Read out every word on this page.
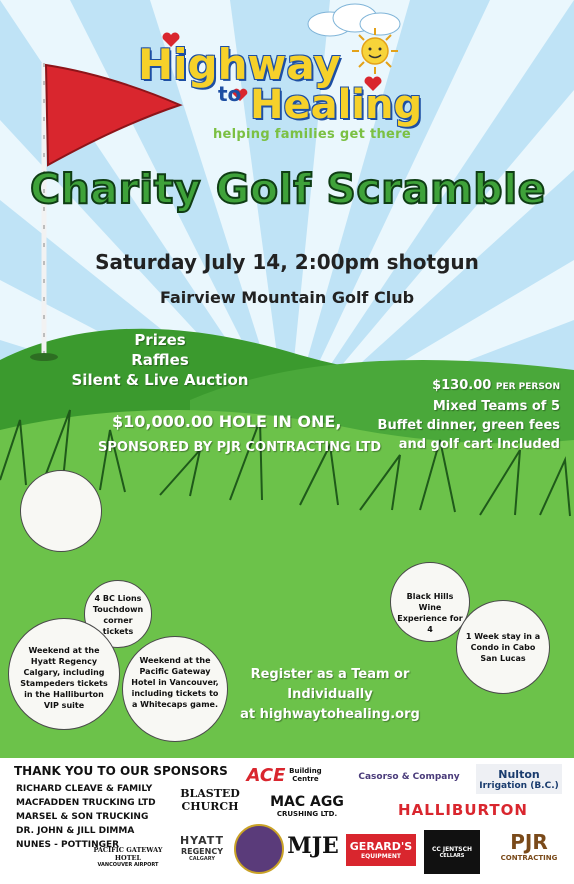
Highway
to Healing
helping families get there
Charity Golf Scramble
Saturday July 14, 2:00pm shotgun
Fairview Mountain Golf Club
Prizes
Raffles
Silent & Live Auction
$10,000.00 HOLE IN ONE,
SPONSORED BY PJR CONTRACTING LTD
$130.00 PER PERSON
Mixed Teams of 5
Buffet dinner, green fees
and golf cart Included
4 BC Lions Touchdown corner tickets
Weekend at the Hyatt Regency Calgary, including Stampeders tickets in the Halliburton VIP suite
Weekend at the Pacific Gateway Hotel in Vancouver, including tickets to a Whitecaps game.
Black Hills Wine Experience for 4
1 Week stay in a Condo in Cabo San Lucas
Register as a Team or Individually
at highwaytohealing.org
THANK YOU TO OUR SPONSORS
RICHARD CLEAVE & FAMILY
MACFADDEN TRUCKING LTD
MARSEL & SON TRUCKING
DR. JOHN & JILL DIMMA
NUNES - POTTINGER
ACE Building Centre	Casorso & Company	Nulton
Irrigation (B.C.)
BLASTED
CHURCH MAC AGG
CRUSHING LTD.	HALLIBURTON
PACIFIC GATEWAY HOTEL
VANCOUVER AIRPORT
HYATT
REGENCY
CALGARY	MJE GERARD'S
EQUIPMENT
CC JENTSCH
CELLARS
PJR
CONTRACTING
